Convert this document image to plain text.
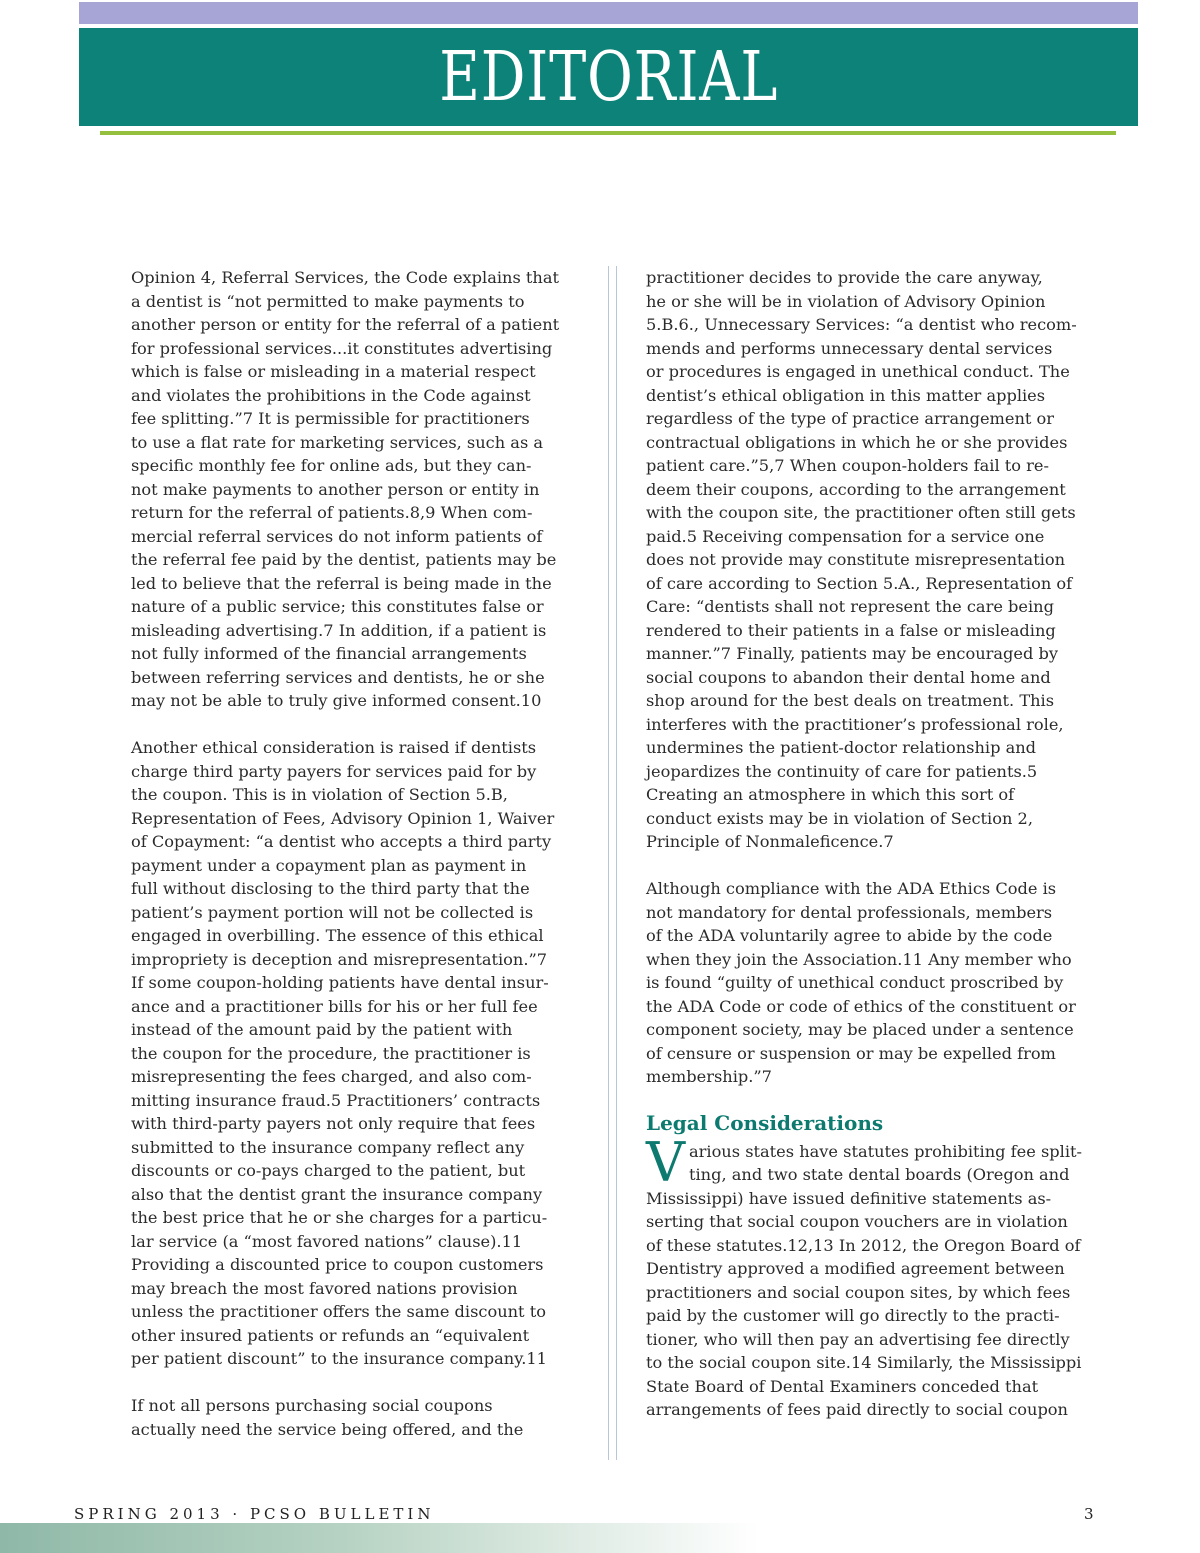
EDITORIAL

Opinion 4, Referral Services, the Code explains that
a dentist is “not permitted to make payments to
another person or entity for the referral of a patient
for professional services...it constitutes advertising
which is false or misleading in a material respect
and violates the prohibitions in the Code against
fee splitting.”7 It is permissible for practitioners
to use a flat rate for marketing services, such as a
specific monthly fee for online ads, but they can-
not make payments to another person or entity in
return for the referral of patients.8,9 When com-
mercial referral services do not inform patients of
the referral fee paid by the dentist, patients may be
led to believe that the referral is being made in the
nature of a public service; this constitutes false or
misleading advertising.7 In addition, if a patient is
not fully informed of the financial arrangements
between referring services and dentists, he or she
may not be able to truly give informed consent.10

Another ethical consideration is raised if dentists
charge third party payers for services paid for by
the coupon. This is in violation of Section 5.B,
Representation of Fees, Advisory Opinion 1, Waiver
of Copayment: “a dentist who accepts a third party
payment under a copayment plan as payment in
full without disclosing to the third party that the
patient’s payment portion will not be collected is
engaged in overbilling. The essence of this ethical
impropriety is deception and misrepresentation.”7
If some coupon-holding patients have dental insur-
ance and a practitioner bills for his or her full fee
instead of the amount paid by the patient with
the coupon for the procedure, the practitioner is
misrepresenting the fees charged, and also com-
mitting insurance fraud.5 Practitioners’ contracts
with third-party payers not only require that fees
submitted to the insurance company reflect any
discounts or co-pays charged to the patient, but
also that the dentist grant the insurance company
the best price that he or she charges for a particu-
lar service (a “most favored nations” clause).11
Providing a discounted price to coupon customers
may breach the most favored nations provision
unless the practitioner offers the same discount to
other insured patients or refunds an “equivalent
per patient discount” to the insurance company.11

If not all persons purchasing social coupons
actually need the service being offered, and the

practitioner decides to provide the care anyway,
he or she will be in violation of Advisory Opinion
5.B.6., Unnecessary Services: “a dentist who recom-
mends and performs unnecessary dental services
or procedures is engaged in unethical conduct. The
dentist’s ethical obligation in this matter applies
regardless of the type of practice arrangement or
contractual obligations in which he or she provides
patient care.”5,7 When coupon-holders fail to re-
deem their coupons, according to the arrangement
with the coupon site, the practitioner often still gets
paid.5 Receiving compensation for a service one
does not provide may constitute misrepresentation
of care according to Section 5.A., Representation of
Care: “dentists shall not represent the care being
rendered to their patients in a false or misleading
manner.”7 Finally, patients may be encouraged by
social coupons to abandon their dental home and
shop around for the best deals on treatment. This
interferes with the practitioner’s professional role,
undermines the patient-doctor relationship and
jeopardizes the continuity of care for patients.5
Creating an atmosphere in which this sort of
conduct exists may be in violation of Section 2,
Principle of Nonmaleficence.7

Although compliance with the ADA Ethics Code is
not mandatory for dental professionals, members
of the ADA voluntarily agree to abide by the code
when they join the Association.11 Any member who
is found “guilty of unethical conduct proscribed by
the ADA Code or code of ethics of the constituent or
component society, may be placed under a sentence
of censure or suspension or may be expelled from
membership.”7

Legal Considerations

Various states have statutes prohibiting fee split-
ting, and two state dental boards (Oregon and
Mississippi) have issued definitive statements as-
serting that social coupon vouchers are in violation
of these statutes.12,13 In 2012, the Oregon Board of
Dentistry approved a modified agreement between
practitioners and social coupon sites, by which fees
paid by the customer will go directly to the practi-
tioner, who will then pay an advertising fee directly
to the social coupon site.14 Similarly, the Mississippi
State Board of Dental Examiners conceded that
arrangements of fees paid directly to social coupon

SPRING 2013 · PCSO BULLETIN	3
